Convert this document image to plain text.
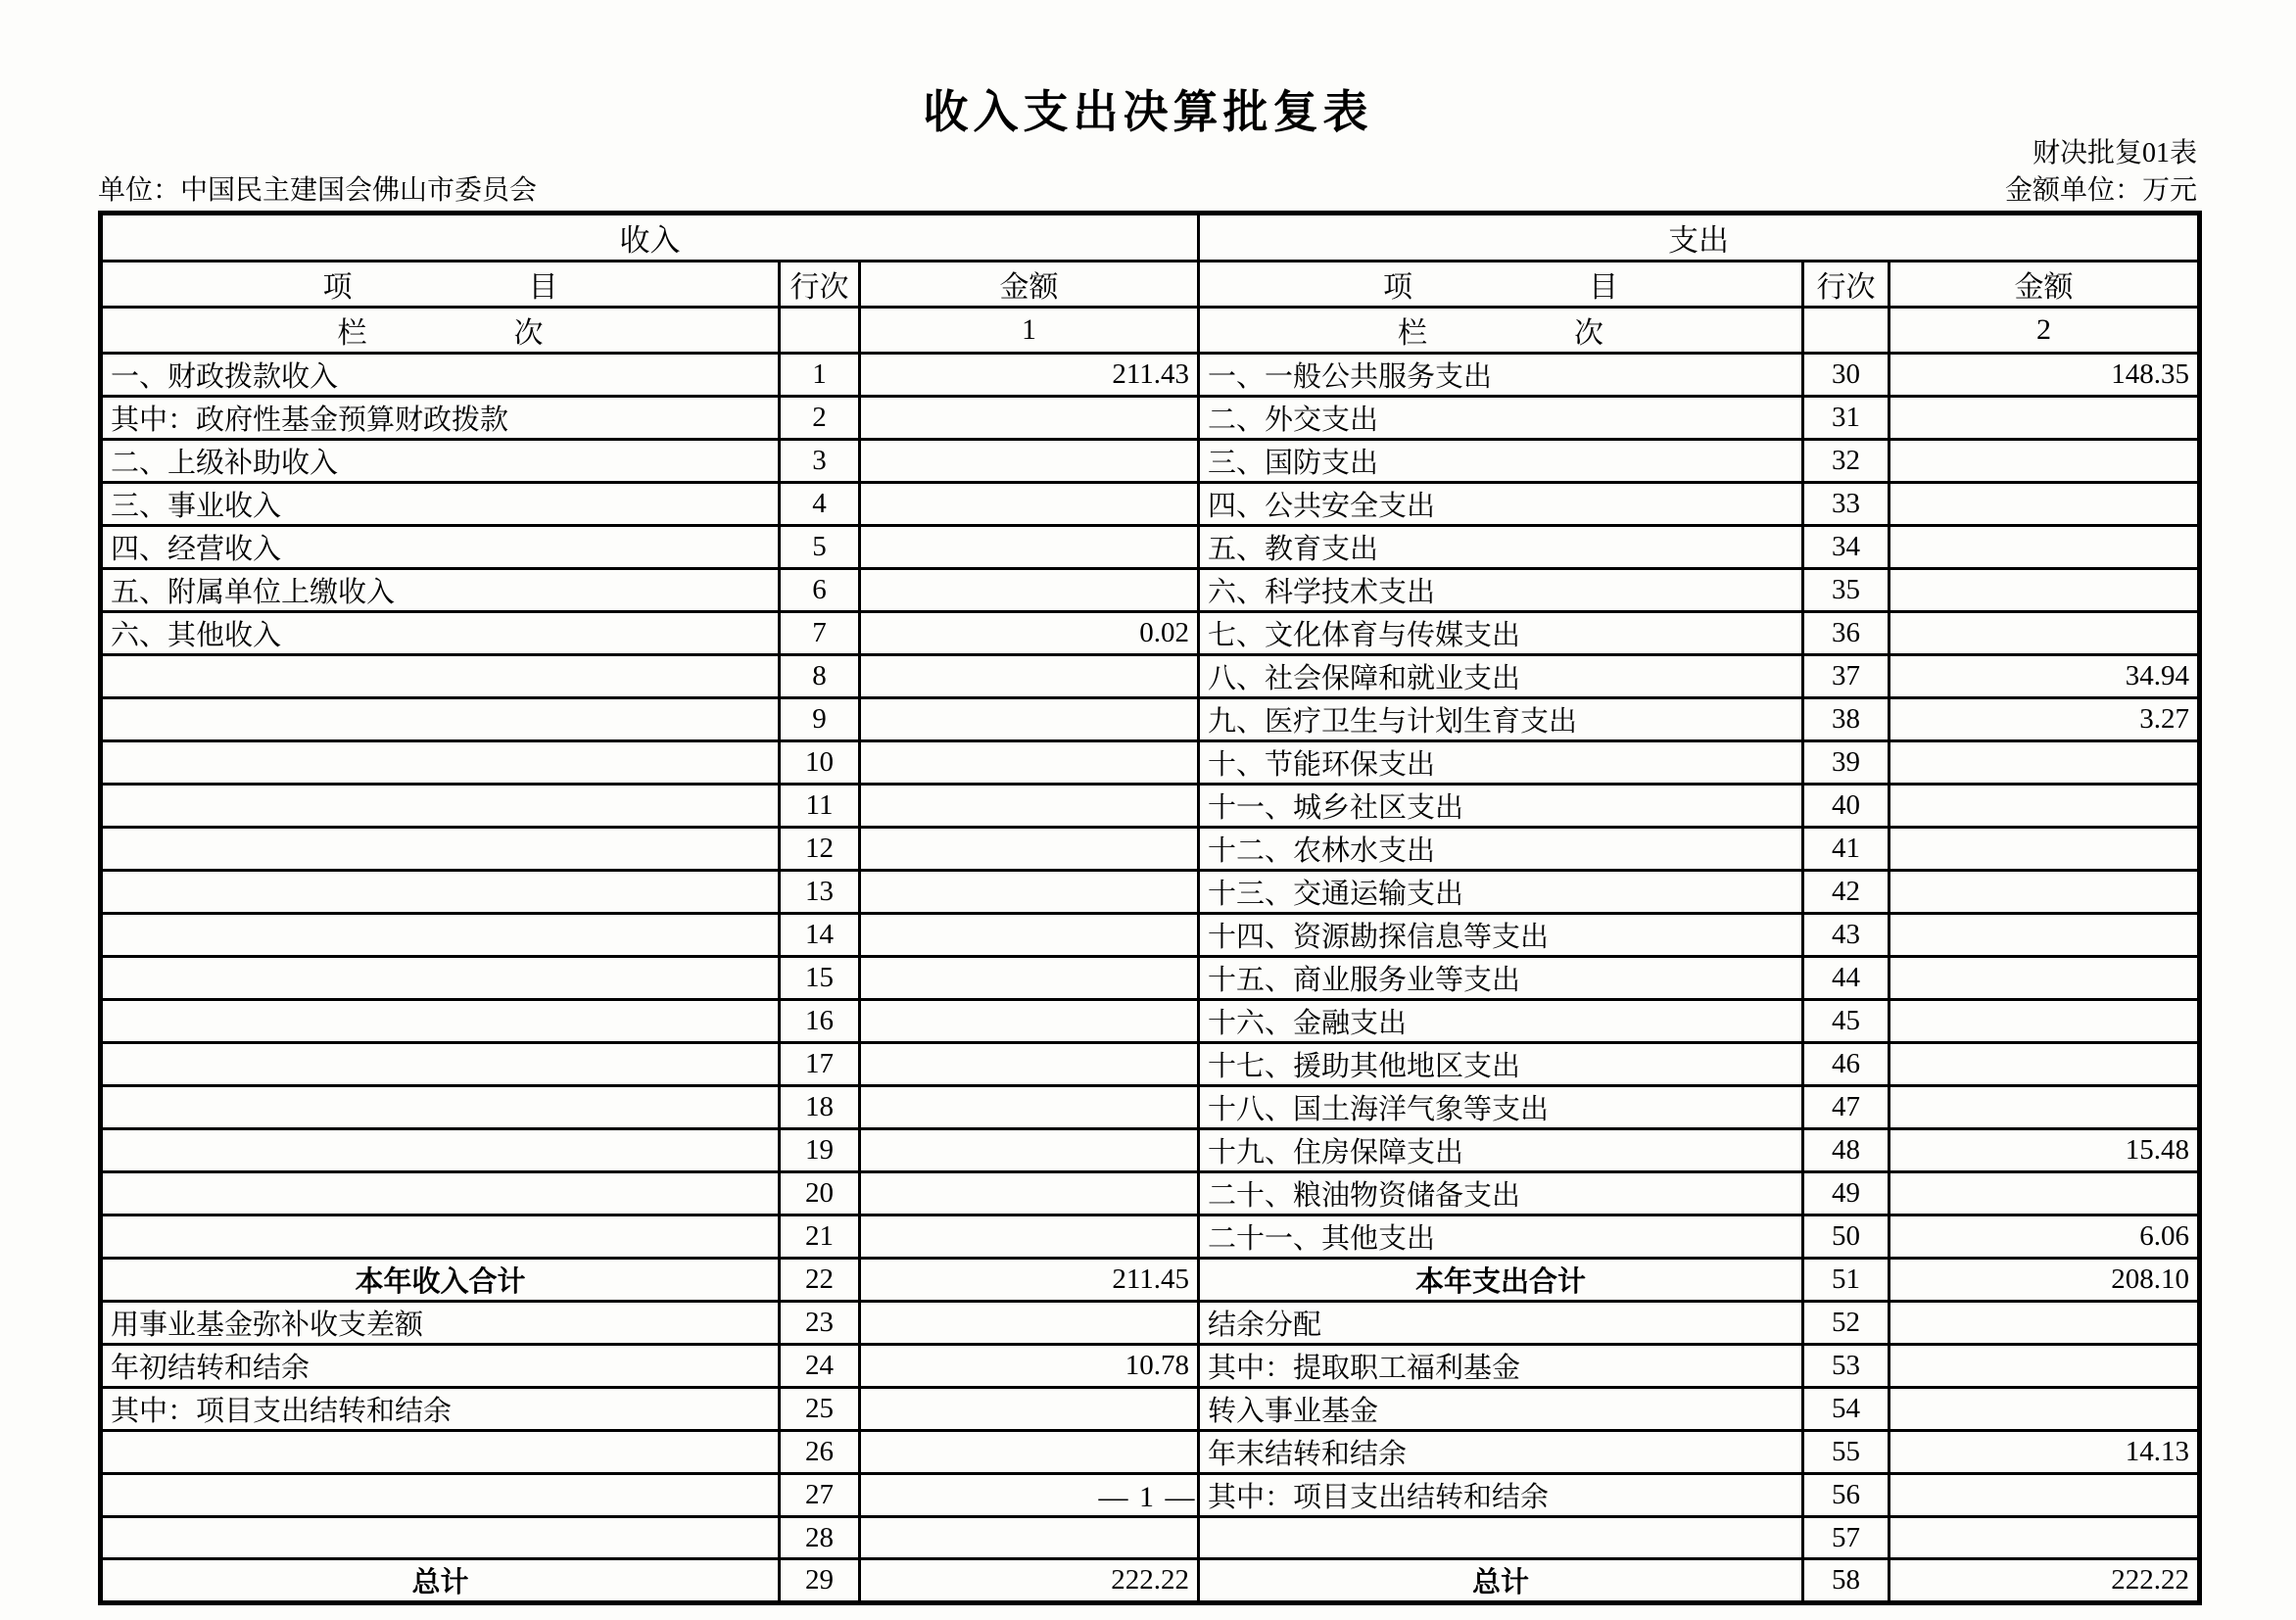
收入支出决算批复表
财决批复01表
单位：中国民主建国会佛山市委员会	金额单位：万元
收入			支出		
项　　　　　　目	行次	金额	项　　　　　　目	行次	金额
栏　　　　　次		1	栏　　　　　次		2
一、财政拨款收入	1	211.43	一、一般公共服务支出	30	148.35
其中：政府性基金预算财政拨款	2		二、外交支出	31	
二、上级补助收入	3		三、国防支出	32	
三、事业收入	4		四、公共安全支出	33	
四、经营收入	5		五、教育支出	34	
五、附属单位上缴收入	6		六、科学技术支出	35	
六、其他收入	7	0.02	七、文化体育与传媒支出	36	
	8		八、社会保障和就业支出	37	34.94
	9		九、医疗卫生与计划生育支出	38	3.27
	10		十、节能环保支出	39	
	11		十一、城乡社区支出	40	
	12		十二、农林水支出	41	
	13		十三、交通运输支出	42	
	14		十四、资源勘探信息等支出	43	
	15		十五、商业服务业等支出	44	
	16		十六、金融支出	45	
	17		十七、援助其他地区支出	46	
	18		十八、国土海洋气象等支出	47	
	19		十九、住房保障支出	48	15.48
	20		二十、粮油物资储备支出	49	
	21		二十一、其他支出	50	6.06
本年收入合计	22	211.45	本年支出合计	51	208.10
用事业基金弥补收支差额	23		结余分配	52	
年初结转和结余	24	10.78	其中：提取职工福利基金	53	
其中：项目支出结转和结余	25		转入事业基金	54	
	26		年末结转和结余	55	14.13
	27		其中：项目支出结转和结余	56	
	28			57	
总计	29	222.22	总计	58	222.22
— 1 —
